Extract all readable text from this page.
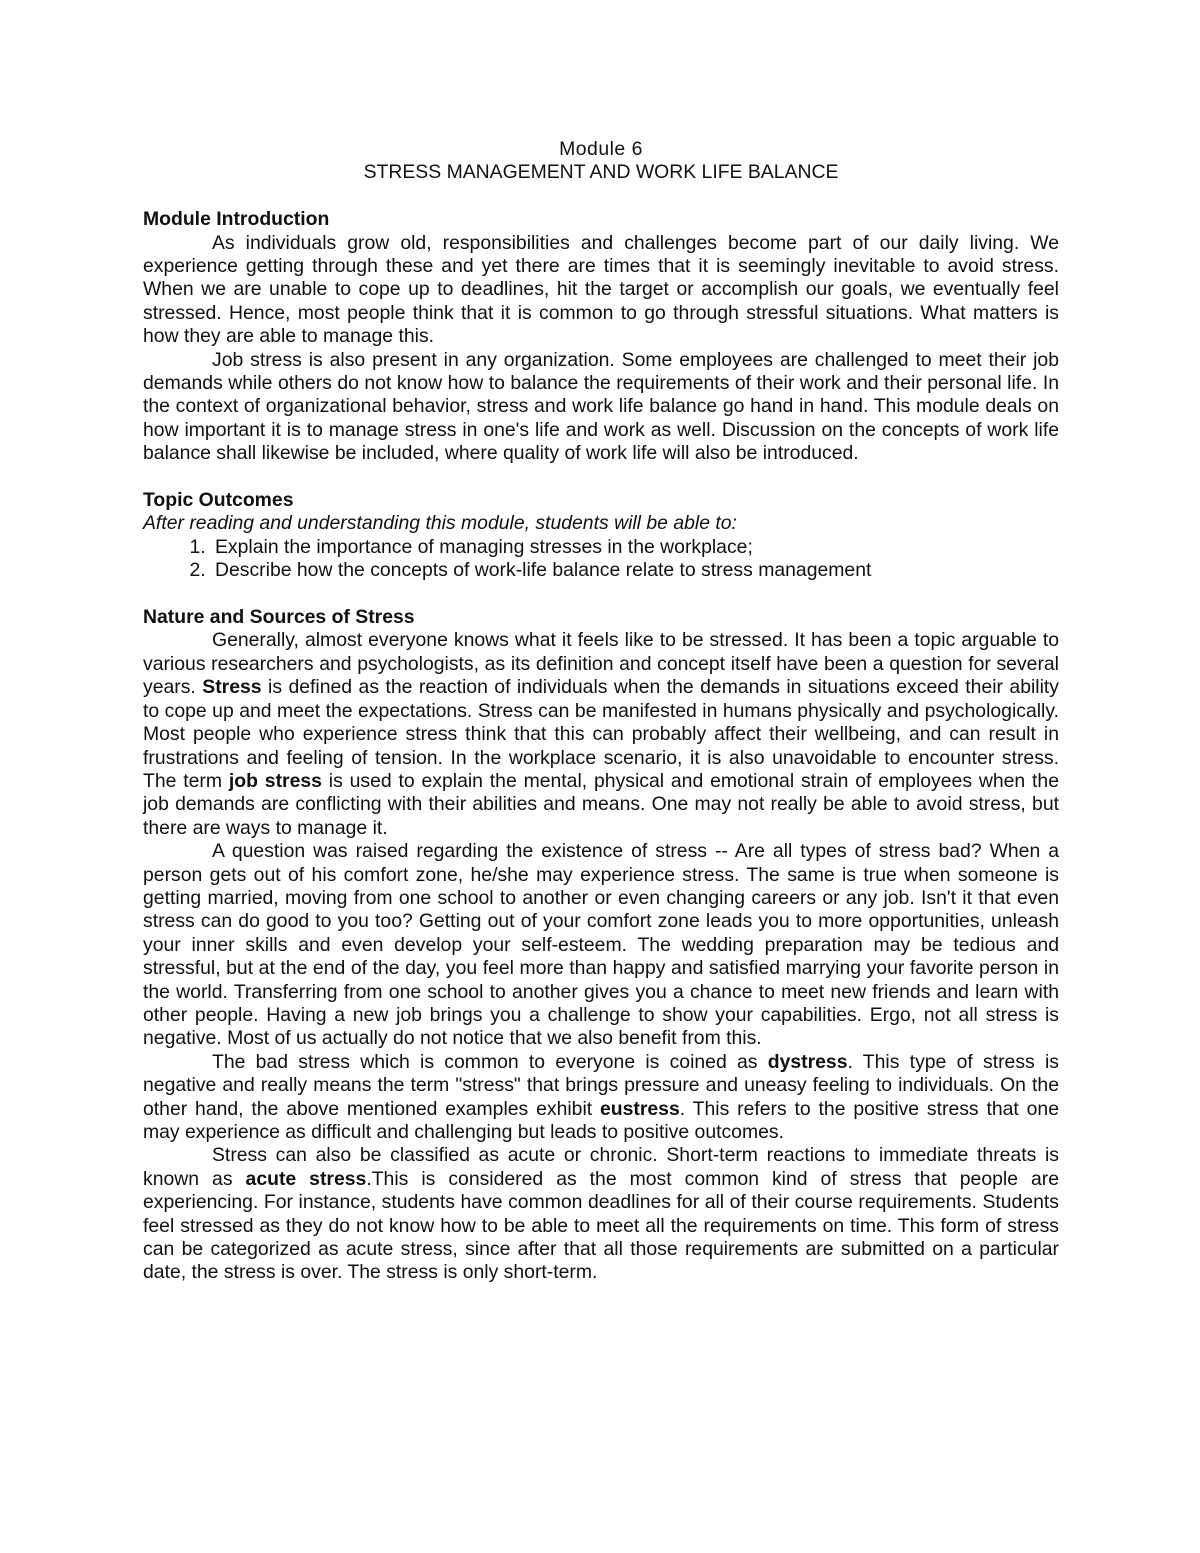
Module 6
STRESS MANAGEMENT AND WORK LIFE BALANCE
Module Introduction

As individuals grow old, responsibilities and challenges become part of our daily living. We experience getting through these and yet there are times that it is seemingly inevitable to avoid stress. When we are unable to cope up to deadlines, hit the target or accomplish our goals, we eventually feel stressed. Hence, most people think that it is common to go through stressful situations. What matters is how they are able to manage this.

Job stress is also present in any organization. Some employees are challenged to meet their job demands while others do not know how to balance the requirements of their work and their personal life. In the context of organizational behavior, stress and work life balance go hand in hand. This module deals on how important it is to manage stress in one's life and work as well. Discussion on the concepts of work life balance shall likewise be included, where quality of work life will also be introduced.

Topic Outcomes

After reading and understanding this module, students will be able to:

1. Explain the importance of managing stresses in the workplace;
2. Describe how the concepts of work-life balance relate to stress management
Nature and Sources of Stress

Generally, almost everyone knows what it feels like to be stressed. It has been a topic arguable to various researchers and psychologists, as its definition and concept itself have been a question for several years. Stress is defined as the reaction of individuals when the demands in situations exceed their ability to cope up and meet the expectations. Stress can be manifested in humans physically and psychologically. Most people who experience stress think that this can probably affect their wellbeing, and can result in frustrations and feeling of tension. In the workplace scenario, it is also unavoidable to encounter stress. The term job stress is used to explain the mental, physical and emotional strain of employees when the job demands are conflicting with their abilities and means. One may not really be able to avoid stress, but there are ways to manage it.

A question was raised regarding the existence of stress -- Are all types of stress bad? When a person gets out of his comfort zone, he/she may experience stress. The same is true when someone is getting married, moving from one school to another or even changing careers or any job. Isn't it that even stress can do good to you too? Getting out of your comfort zone leads you to more opportunities, unleash your inner skills and even develop your self-esteem. The wedding preparation may be tedious and stressful, but at the end of the day, you feel more than happy and satisfied marrying your favorite person in the world. Transferring from one school to another gives you a chance to meet new friends and learn with other people. Having a new job brings you a challenge to show your capabilities. Ergo, not all stress is negative. Most of us actually do not notice that we also benefit from this.

The bad stress which is common to everyone is coined as dystress. This type of stress is negative and really means the term "stress" that brings pressure and uneasy feeling to individuals. On the other hand, the above mentioned examples exhibit eustress. This refers to the positive stress that one may experience as difficult and challenging but leads to positive outcomes.

Stress can also be classified as acute or chronic. Short-term reactions to immediate threats is known as acute stress.This is considered as the most common kind of stress that people are experiencing. For instance, students have common deadlines for all of their course requirements. Students feel stressed as they do not know how to be able to meet all the requirements on time. This form of stress can be categorized as acute stress, since after that all those requirements are submitted on a particular date, the stress is over. The stress is only short-term.
